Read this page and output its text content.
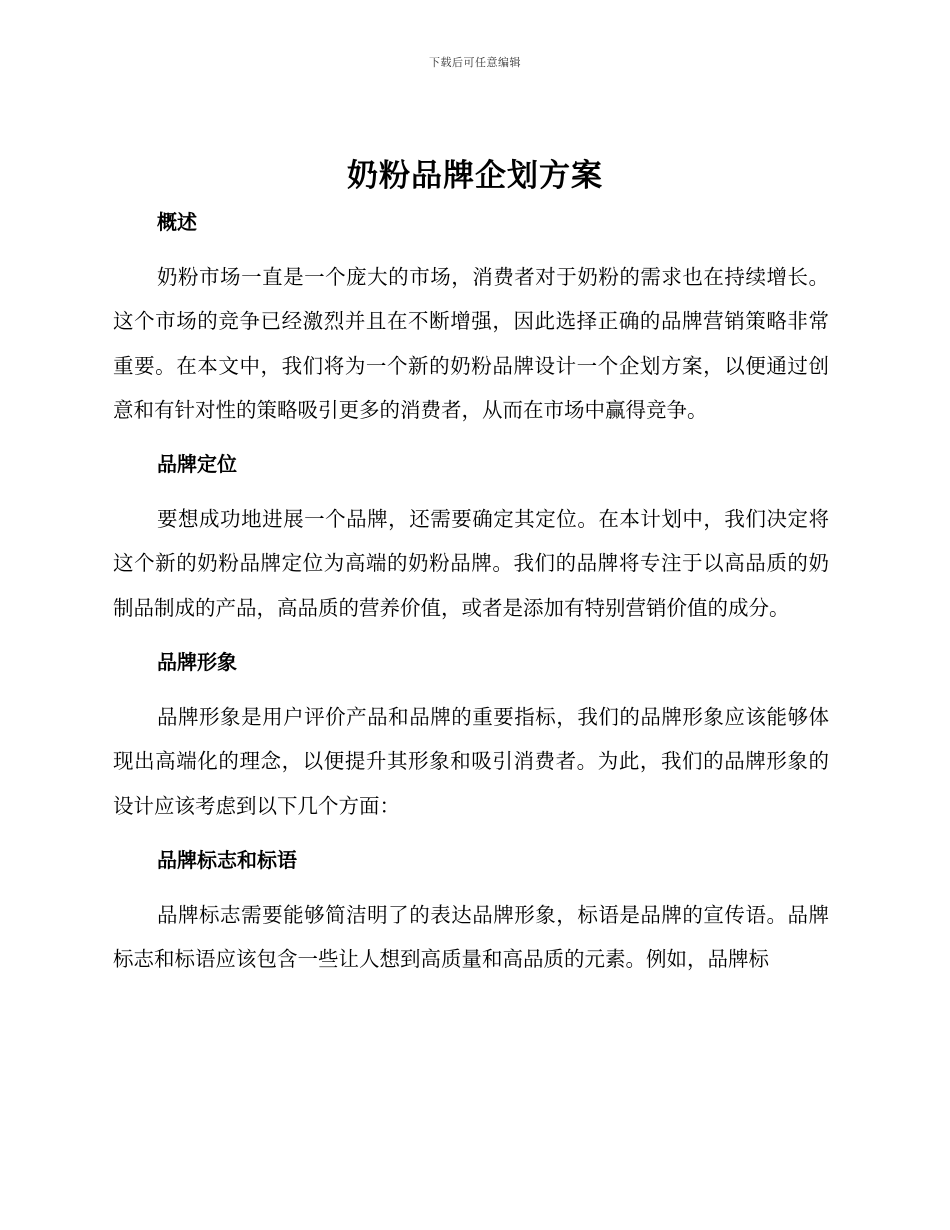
下载后可任意编辑
奶粉品牌企划方案
概述

奶粉市场一直是一个庞大的市场，消费者对于奶粉的需求也在持续增长。这个市场的竞争已经激烈并且在不断增强，因此选择正确的品牌营销策略非常重要。在本文中，我们将为一个新的奶粉品牌设计一个企划方案，以便通过创意和有针对性的策略吸引更多的消费者，从而在市场中赢得竞争。

品牌定位

要想成功地进展一个品牌，还需要确定其定位。在本计划中，我们决定将这个新的奶粉品牌定位为高端的奶粉品牌。我们的品牌将专注于以高品质的奶制品制成的产品，高品质的营养价值，或者是添加有特别营销价值的成分。

品牌形象

品牌形象是用户评价产品和品牌的重要指标，我们的品牌形象应该能够体现出高端化的理念，以便提升其形象和吸引消费者。为此，我们的品牌形象的设计应该考虑到以下几个方面：

品牌标志和标语

品牌标志需要能够简洁明了的表达品牌形象，标语是品牌的宣传语。品牌标志和标语应该包含一些让人想到高质量和高品质的元素。例如，品牌标
